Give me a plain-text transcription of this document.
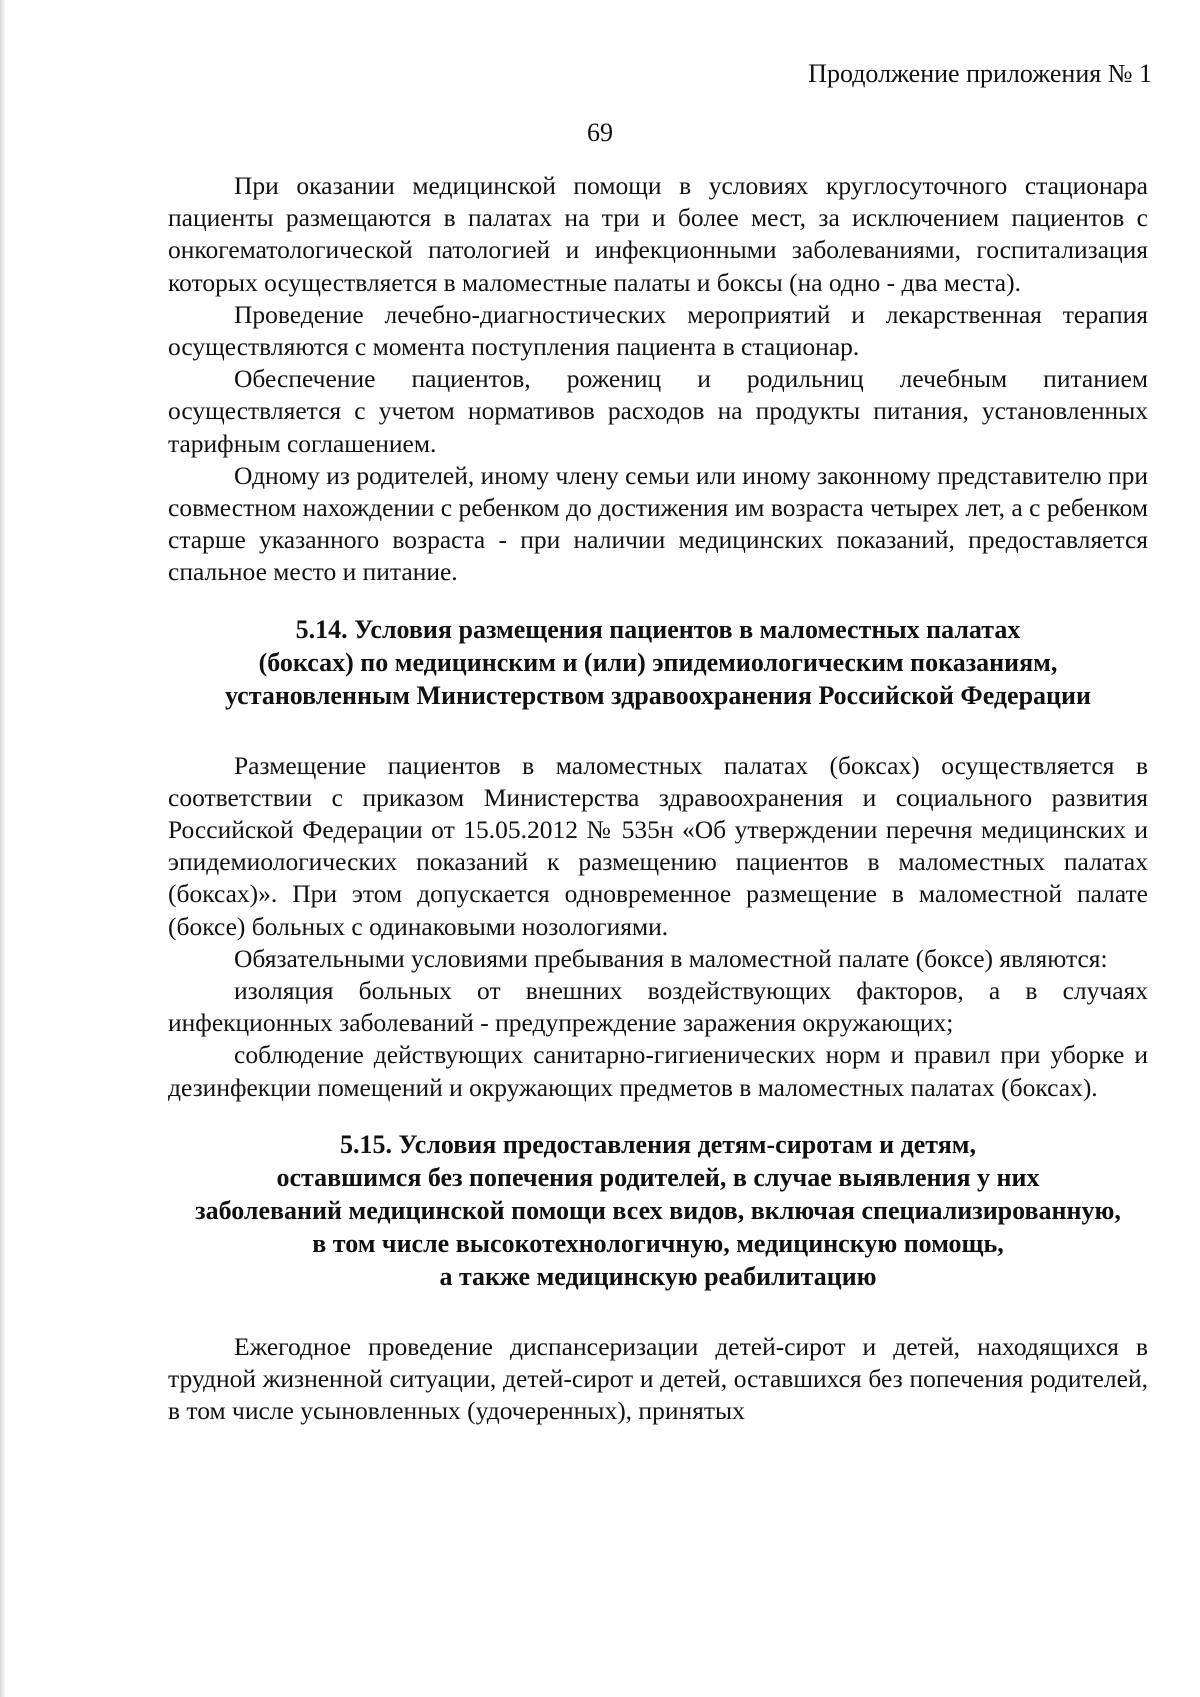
Продолжение приложения № 1
69

При оказании медицинской помощи в условиях круглосуточного стационара пациенты размещаются в палатах на три и более мест, за исключением пациентов с онкогематологической патологией и инфекционными заболеваниями, госпитализация которых осуществляется в маломестные палаты и боксы (на одно - два места).

Проведение лечебно-диагностических мероприятий и лекарственная терапия осуществляются с момента поступления пациента в стационар.

Обеспечение пациентов, рожениц и родильниц лечебным питанием осуществляется с учетом нормативов расходов на продукты питания, установленных тарифным соглашением.

Одному из родителей, иному члену семьи или иному законному представителю при совместном нахождении с ребенком до достижения им возраста четырех лет, а с ребенком старше указанного возраста - при наличии медицинских показаний, предоставляется спальное место и питание.

5.14. Условия размещения пациентов в маломестных палатах
(боксах) по медицинским и (или) эпидемиологическим показаниям,
установленным Министерством здравоохранения Российской Федерации

Размещение пациентов в маломестных палатах (боксах) осуществляется в соответствии с приказом Министерства здравоохранения и социального развития Российской Федерации от 15.05.2012 № 535н «Об утверждении перечня медицинских и эпидемиологических показаний к размещению пациентов в маломестных палатах (боксах)». При этом допускается одновременное размещение в маломестной палате (боксе) больных с одинаковыми нозологиями.

Обязательными условиями пребывания в маломестной палате (боксе) являются:

изоляция больных от внешних воздействующих факторов, а в случаях инфекционных заболеваний - предупреждение заражения окружающих;

соблюдение действующих санитарно-гигиенических норм и правил при уборке и дезинфекции помещений и окружающих предметов в маломестных палатах (боксах).

5.15. Условия предоставления детям-сиротам и детям,
оставшимся без попечения родителей, в случае выявления у них
заболеваний медицинской помощи всех видов, включая специализированную,
в том числе высокотехнологичную, медицинскую помощь,
а также медицинскую реабилитацию

Ежегодное проведение диспансеризации детей-сирот и детей, находящихся в трудной жизненной ситуации, детей-сирот и детей, оставшихся без попечения родителей, в том числе усыновленных (удочеренных), принятых
